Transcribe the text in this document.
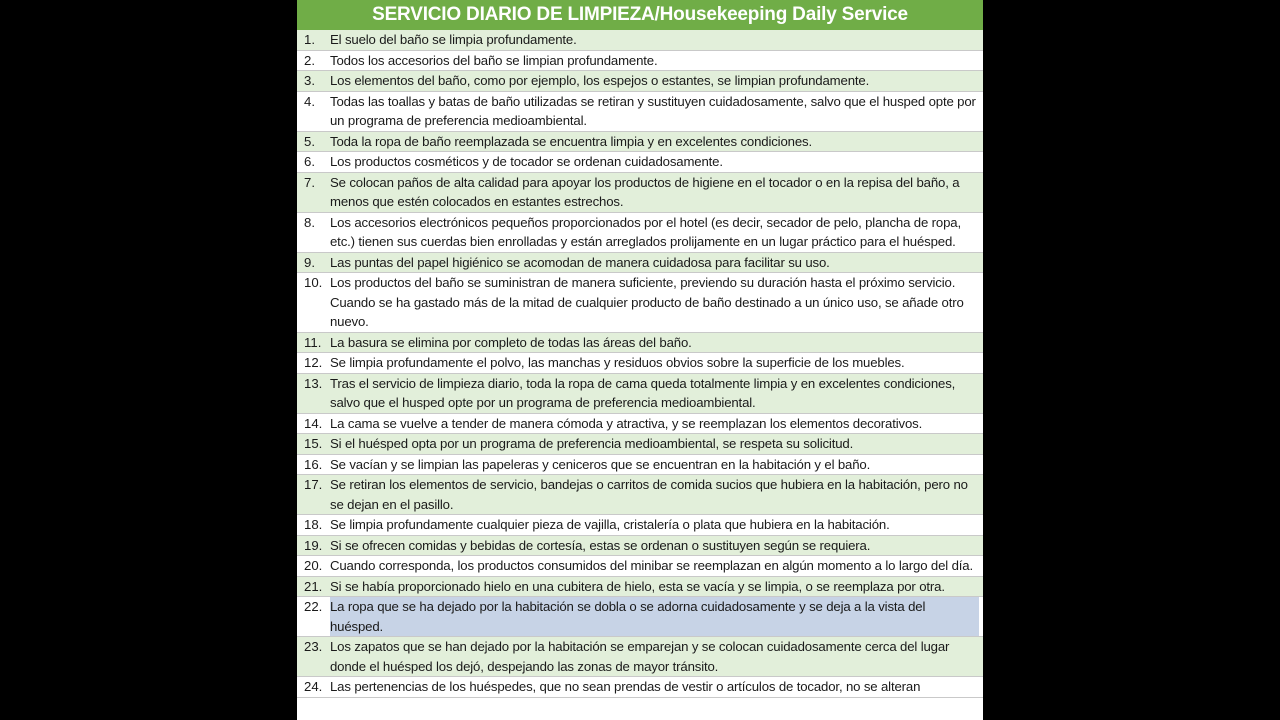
SERVICIO DIARIO DE LIMPIEZA/Housekeeping Daily Service
1.	El suelo del baño se limpia profundamente.
2.	Todos los accesorios del baño se limpian profundamente.
3.	Los elementos del baño, como por ejemplo, los espejos o estantes, se limpian profundamente.
4.	Todas las toallas y batas de baño utilizadas se retiran y sustituyen cuidadosamente, salvo que el husped opte por un programa de preferencia medioambiental.
5.	Toda la ropa de baño reemplazada se encuentra limpia y en excelentes condiciones.
6.	Los productos cosméticos y de tocador se ordenan cuidadosamente.
7.	Se colocan paños de alta calidad para apoyar los productos de higiene en el tocador o en la repisa del baño, a menos que estén colocados en estantes estrechos.
8.	Los accesorios electrónicos pequeños proporcionados por el hotel (es decir, secador de pelo, plancha de ropa, etc.) tienen sus cuerdas bien enrolladas y están arreglados prolijamente en un lugar práctico para el huésped.
9.	Las puntas del papel higiénico se acomodan de manera cuidadosa para facilitar su uso.
10. Los productos del baño se suministran de manera suficiente, previendo su duración hasta el próximo servicio. Cuando se ha gastado más de la mitad de cualquier producto de baño destinado a un único uso, se añade otro nuevo.
11. La basura se elimina por completo de todas las áreas del baño.
12. Se limpia profundamente el polvo, las manchas y residuos obvios sobre la superficie de los muebles.
13. Tras el servicio de limpieza diario, toda la ropa de cama queda totalmente limpia y en excelentes condiciones, salvo que el husped opte por un programa de preferencia medioambiental.
14. La cama se vuelve a tender de manera cómoda y atractiva, y se reemplazan los elementos decorativos.
15. Si el huésped opta por un programa de preferencia medioambiental, se respeta su solicitud.
16. Se vacían y se limpian las papeleras y ceniceros que se encuentran en la habitación y el baño.
17. Se retiran los elementos de servicio, bandejas o carritos de comida sucios que hubiera en la habitación, pero no se dejan en el pasillo.
18. Se limpia profundamente cualquier pieza de vajilla, cristalería o plata que hubiera en la habitación.
19. Si se ofrecen comidas y bebidas de cortesía, estas se ordenan o sustituyen según se requiera.
20. Cuando corresponda, los productos consumidos del minibar se reemplazan en algún momento a lo largo del día.
21. Si se había proporcionado hielo en una cubitera de hielo, esta se vacía y se limpia, o se reemplaza por otra.
22. La ropa que se ha dejado por la habitación se dobla o se adorna cuidadosamente y se deja a la vista del huésped.
23. Los zapatos que se han dejado por la habitación se emparejan y se colocan cuidadosamente cerca del lugar donde el huésped los dejó, despejando las zonas de mayor tránsito.
24. Las pertenencias de los huéspedes, que no sean prendas de vestir o artículos de tocador, no se alteran
